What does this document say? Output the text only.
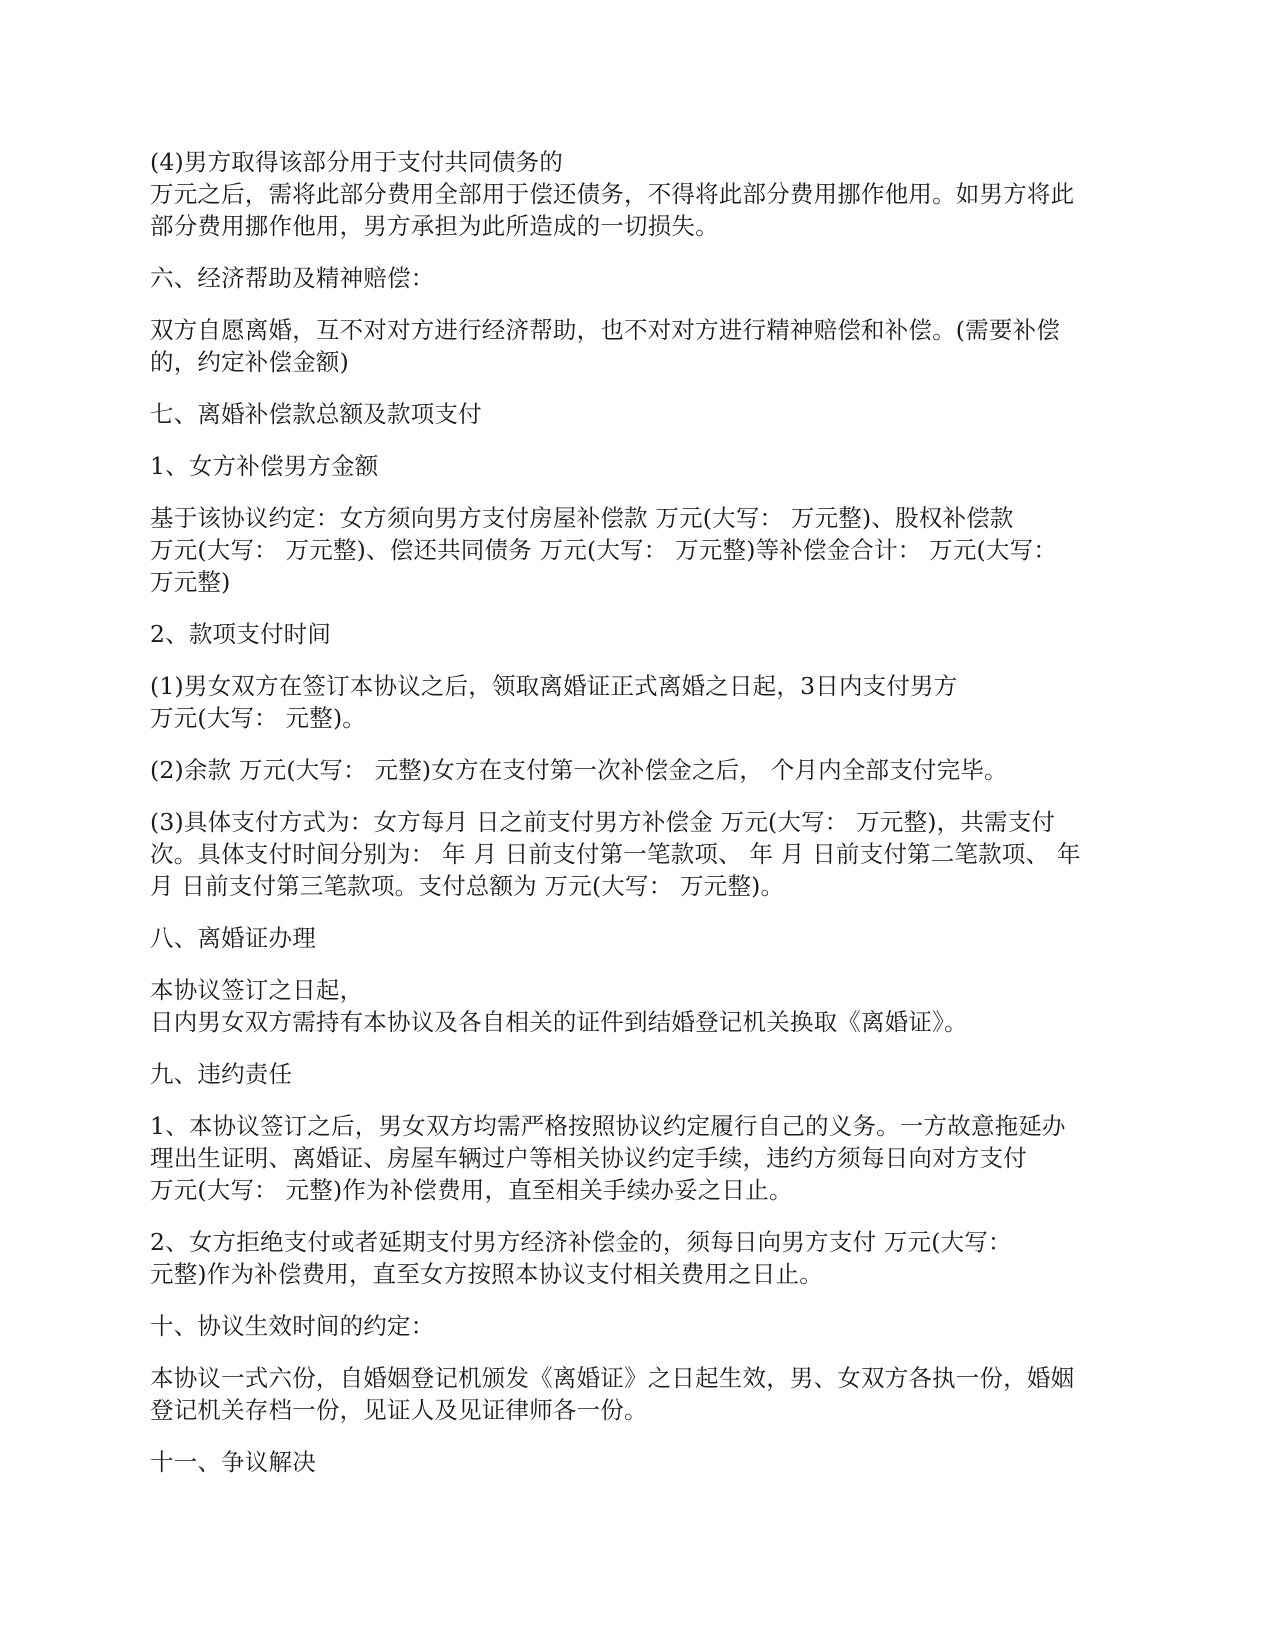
(4)男方取得该部分用于支付共同债务的
万元之后，需将此部分费用全部用于偿还债务，不得将此部分费用挪作他用。如男方将此
部分费用挪作他用，男方承担为此所造成的一切损失。

六、经济帮助及精神赔偿：

双方自愿离婚，互不对对方进行经济帮助，也不对对方进行精神赔偿和补偿。(需要补偿
的，约定补偿金额)

七、离婚补偿款总额及款项支付

1、女方补偿男方金额

基于该协议约定：女方须向男方支付房屋补偿款 万元(大写： 万元整)、股权补偿款
万元(大写： 万元整)、偿还共同债务 万元(大写： 万元整)等补偿金合计： 万元(大写：
万元整)

2、款项支付时间

(1)男女双方在签订本协议之后，领取离婚证正式离婚之日起，3日内支付男方
万元(大写： 元整)。

(2)余款 万元(大写： 元整)女方在支付第一次补偿金之后， 个月内全部支付完毕。

(3)具体支付方式为：女方每月 日之前支付男方补偿金 万元(大写： 万元整)，共需支付
次。具体支付时间分别为： 年 月 日前支付第一笔款项、 年 月 日前支付第二笔款项、 年
月 日前支付第三笔款项。支付总额为 万元(大写： 万元整)。

八、离婚证办理

本协议签订之日起，
日内男女双方需持有本协议及各自相关的证件到结婚登记机关换取《离婚证》。

九、违约责任

1、本协议签订之后，男女双方均需严格按照协议约定履行自己的义务。一方故意拖延办
理出生证明、离婚证、房屋车辆过户等相关协议约定手续，违约方须每日向对方支付
万元(大写： 元整)作为补偿费用，直至相关手续办妥之日止。

2、女方拒绝支付或者延期支付男方经济补偿金的，须每日向男方支付 万元(大写：
元整)作为补偿费用，直至女方按照本协议支付相关费用之日止。

十、协议生效时间的约定：

本协议一式六份，自婚姻登记机颁发《离婚证》之日起生效，男、女双方各执一份，婚姻
登记机关存档一份，见证人及见证律师各一份。

十一、争议解决
